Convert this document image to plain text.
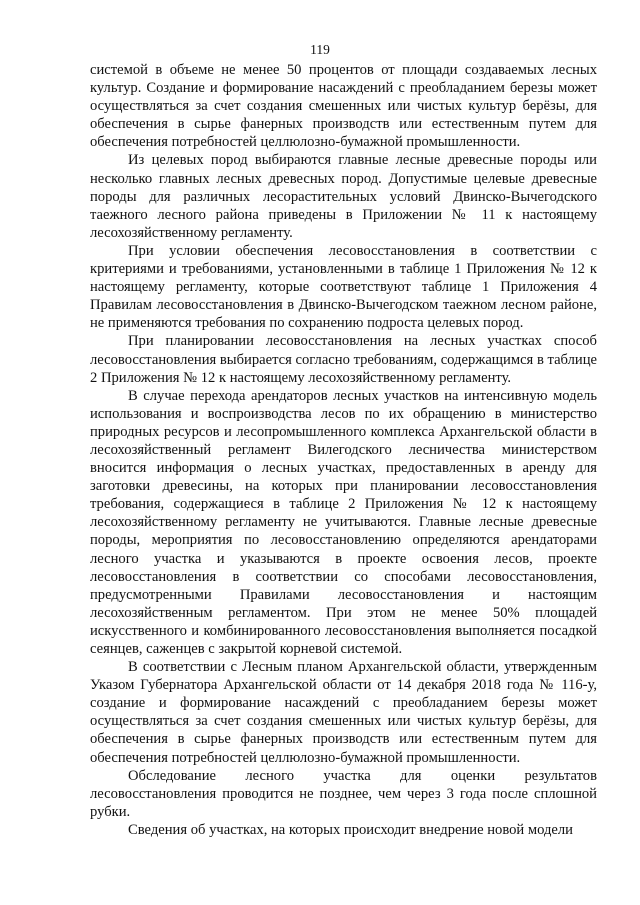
119

системой в объеме не менее 50 процентов от площади создаваемых лесных культур. Создание и формирование насаждений с преобладанием березы может осуществляться за счет создания смешенных или чистых культур берёзы, для обеспечения в сырье фанерных производств или естественным путем для обеспечения потребностей целлюлозно-бумажной промышленности.

Из целевых пород выбираются главные лесные древесные породы или несколько главных лесных древесных пород. Допустимые целевые древесные породы для различных лесорастительных условий Двинско-Вычегодского таежного лесного района приведены в Приложении № 11 к настоящему лесохозяйственному регламенту.

При условии обеспечения лесовосстановления в соответствии с критериями и требованиями, установленными в таблице 1 Приложения № 12 к настоящему регламенту, которые соответствуют таблице 1 Приложения 4 Правилам лесовосстановления в Двинско-Вычегодском таежном лесном районе, не применяются требования по сохранению подроста целевых пород.

При планировании лесовосстановления на лесных участках способ лесовосстановления выбирается согласно требованиям, содержащимся в таблице 2 Приложения № 12 к настоящему лесохозяйственному регламенту.

В случае перехода арендаторов лесных участков на интенсивную модель использования и воспроизводства лесов по их обращению в министерство природных ресурсов и лесопромышленного комплекса Архангельской области в лесохозяйственный регламент Вилегодского лесничества министерством вносится информация о лесных участках, предоставленных в аренду для заготовки древесины, на которых при планировании лесовосстановления требования, содержащиеся в таблице 2 Приложения № 12 к настоящему лесохозяйственному регламенту не учитываются. Главные лесные древесные породы, мероприятия по лесовосстановлению определяются арендаторами лесного участка и указываются в проекте освоения лесов, проекте лесовосстановления в соответствии со способами лесовосстановления, предусмотренными Правилами лесовосстановления и настоящим лесохозяйственным регламентом. При этом не менее 50% площадей искусственного и комбинированного лесовосстановления выполняется посадкой сеянцев, саженцев с закрытой корневой системой.

В соответствии с Лесным планом Архангельской области, утвержденным Указом Губернатора Архангельской области от 14 декабря 2018 года № 116-у, создание и формирование насаждений с преобладанием березы может осуществляться за счет создания смешенных или чистых культур берёзы, для обеспечения в сырье фанерных производств или естественным путем для обеспечения потребностей целлюлозно-бумажной промышленности.

Обследование лесного участка для оценки результатов лесовосстановления проводится не позднее, чем через 3 года после сплошной рубки.

Сведения об участках, на которых происходит внедрение новой модели
